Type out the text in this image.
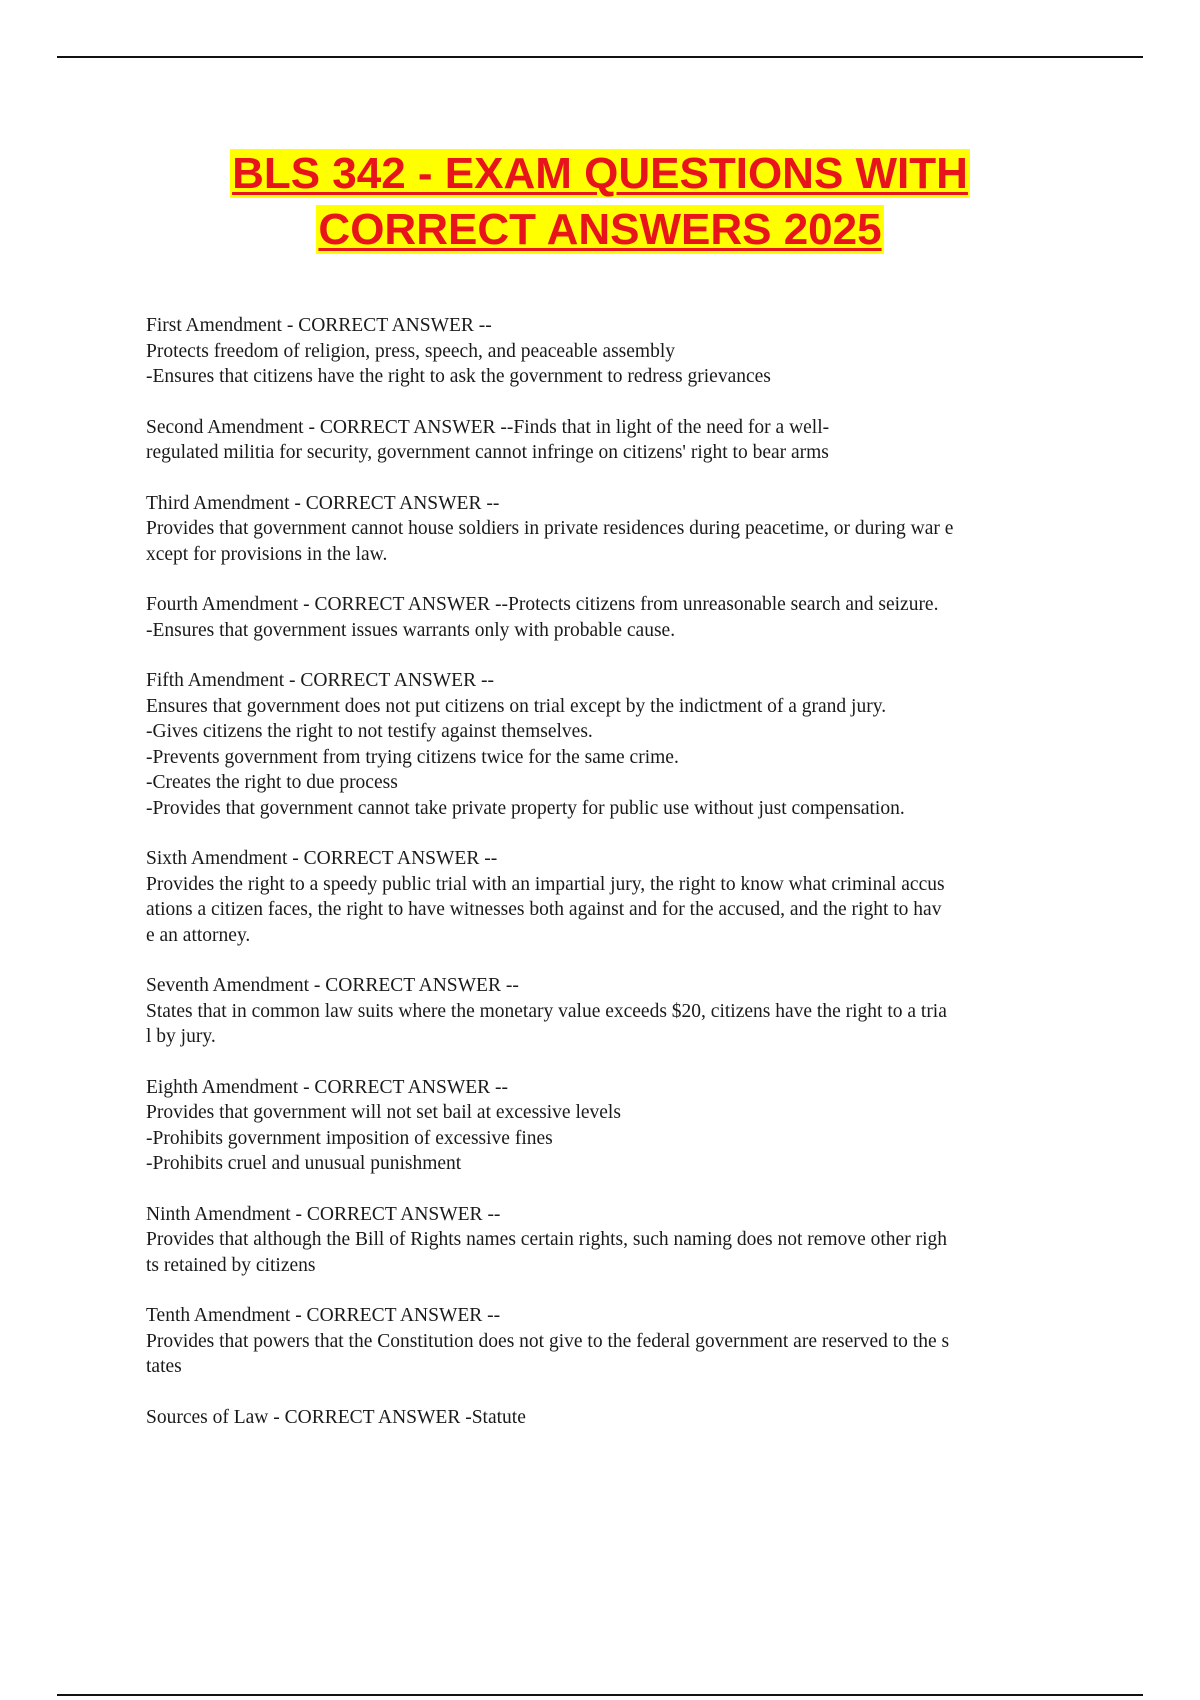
BLS 342 - EXAM QUESTIONS WITH
CORRECT ANSWERS 2025
First Amendment - CORRECT ANSWER --
Protects freedom of religion, press, speech, and peaceable assembly
-Ensures that citizens have the right to ask the government to redress grievances
Second Amendment - CORRECT ANSWER --Finds that in light of the need for a well-
regulated militia for security, government cannot infringe on citizens' right to bear arms
Third Amendment - CORRECT ANSWER --
Provides that government cannot house soldiers in private residences during peacetime, or during war e
xcept for provisions in the law.
Fourth Amendment - CORRECT ANSWER --Protects citizens from unreasonable search and seizure.
-Ensures that government issues warrants only with probable cause.
Fifth Amendment - CORRECT ANSWER --
Ensures that government does not put citizens on trial except by the indictment of a grand jury.
-Gives citizens the right to not testify against themselves.
-Prevents government from trying citizens twice for the same crime.
-Creates the right to due process
-Provides that government cannot take private property for public use without just compensation.
Sixth Amendment - CORRECT ANSWER --
Provides the right to a speedy public trial with an impartial jury, the right to know what criminal accus
ations a citizen faces, the right to have witnesses both against and for the accused, and the right to hav
e an attorney.
Seventh Amendment - CORRECT ANSWER --
States that in common law suits where the monetary value exceeds $20, citizens have the right to a tria
l by jury.
Eighth Amendment - CORRECT ANSWER --
Provides that government will not set bail at excessive levels
-Prohibits government imposition of excessive fines
-Prohibits cruel and unusual punishment
Ninth Amendment - CORRECT ANSWER --
Provides that although the Bill of Rights names certain rights, such naming does not remove other righ
ts retained by citizens
Tenth Amendment - CORRECT ANSWER --
Provides that powers that the Constitution does not give to the federal government are reserved to the s
tates
Sources of Law - CORRECT ANSWER -Statute
